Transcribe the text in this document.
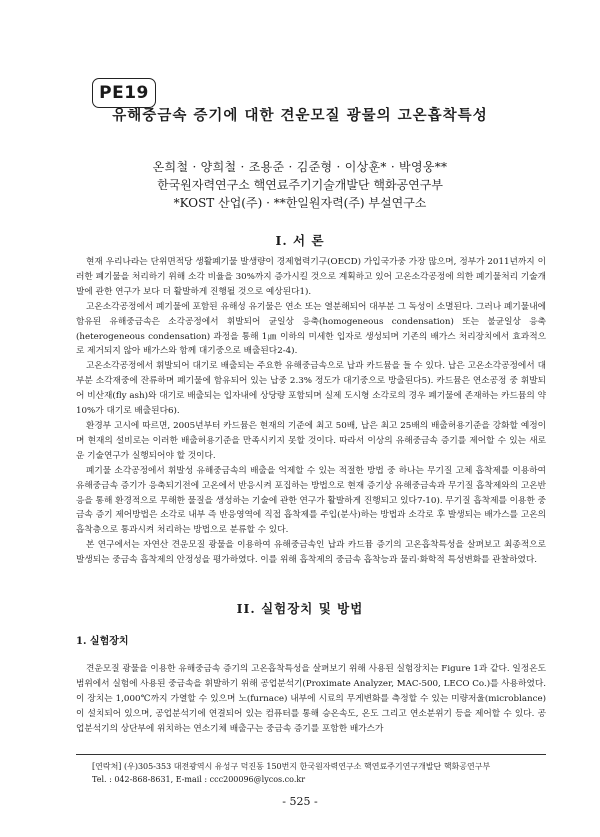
PE19
유해중금속 증기에 대한 견운모질 광물의 고온흡착특성
온희철 · 양희철 · 조용준 · 김준형 · 이상훈* · 박영웅**
한국원자력연구소 핵연료주기기술개발단 핵화공연구부
*KOST 산업(주) · **한일원자력(주) 부설연구소
I. 서 론

현재 우리나라는 단위면적당 생활폐기물 발생량이 경제협력기구(OECD) 가입국가중 가장 많으며, 정부가 2011년까지 이러한 폐기물을 처리하기 위해 소각 비율을 30%까지 증가시킬 것으로 계획하고 있어 고온소각공정에 의한 폐기물처리 기술개발에 관한 연구가 보다 더 활발하게 진행될 것으로 예상된다1).

고온소각공정에서 폐기물에 포함된 유해성 유기물은 연소 또는 열분해되어 대부분 그 독성이 소멸된다. 그러나 폐기물내에 함유된 유해중금속은 소각공정에서 휘발되어 균일상 응축(homogeneous condensation) 또는 불균일상 응축(heterogeneous condensation) 과정을 통해 1㎛ 이하의 미세한 입자로 생성되며 기존의 배가스 처리장치에서 효과적으로 제거되지 않아 배가스와 함께 대기중으로 배출된다2-4).

고온소각공정에서 휘발되어 대기로 배출되는 주요한 유해중금속으로 납과 카드뮴을 들 수 있다. 납은 고온소각공정에서 대부분 소각재중에 잔류하며 폐기물에 함유되어 있는 납중 2.3% 정도가 대기중으로 방출된다5). 카드뮴은 연소공정 중 휘발되어 비산재(fly ash)와 대기로 배출되는 입자내에 상당량 포함되며 실제 도시형 소각로의 경우 폐기물에 존재하는 카드뮴의 약 10%가 대기로 배출된다6).

환경부 고시에 따르면, 2005년부터 카드뮴은 현재의 기준에 최고 50배, 납은 최고 25배의 배출허용기준을 강화할 예정이며 현재의 설비로는 이러한 배출허용기준을 만족시키지 못할 것이다. 따라서 이상의 유해중금속 증기를 제어할 수 있는 새로운 기술연구가 실행되어야 할 것이다.

폐기물 소각공정에서 휘발성 유해중금속의 배출을 억제할 수 있는 적절한 방법 중 하나는 무기질 고체 흡착제를 이용하여 유해중금속 증기가 응축되기전에 고온에서 반응시켜 포집하는 방법으로 현재 증기상 유해중금속과 무기질 흡착제와의 고온반응을 통해 환경적으로 무해한 물질을 생성하는 기술에 관한 연구가 활발하게 진행되고 있다7-10). 무기질 흡착제를 이용한 중금속 증기 제어방법은 소각로 내부 즉 반응영역에 직접 흡착제를 주입(분사)하는 방법과 소각로 후 발생되는 배가스를 고온의 흡착층으로 통과시켜 처리하는 방법으로 분류할 수 있다.

본 연구에서는 자연산 견운모질 광물을 이용하여 유해중금속인 납과 카드뮴 증기의 고온흡착특성을 살펴보고 최종적으로 발생되는 중금속 흡착제의 안정성을 평가하였다. 이를 위해 흡착제의 중금속 흡착능과 물리·화학적 특성변화를 관찰하였다.

II. 실험장치 및 방법
1. 실험장치

견운모질 광물을 이용한 유해중금속 증기의 고온흡착특성을 살펴보기 위해 사용된 실험장치는 Figure 1과 같다. 일정온도범위에서 실험에 사용된 중금속을 휘발하기 위해 공업분석기(Proximate Analyzer, MAC-500, LECO Co.)를 사용하였다. 이 장치는 1,000℃까지 가열할 수 있으며 노(furnace) 내부에 시료의 무게변화를 측정할 수 있는 미량저울(microblance)이 설치되어 있으며, 공업분석기에 연결되어 있는 컴퓨터를 통해 승온속도, 온도 그리고 연소분위기 등을 제어할 수 있다. 공업분석기의 상단부에 위치하는 연소기체 배출구는 중금속 증기를 포함한 배가스가

[연락처] (우)305-353 대전광역시 유성구 덕진동 150번지 한국원자력연구소 핵연료주기연구개발단 핵화공연구부
Tel. : 042-868-8631, E-mail : ccc200096@lycos.co.kr
- 525 -
